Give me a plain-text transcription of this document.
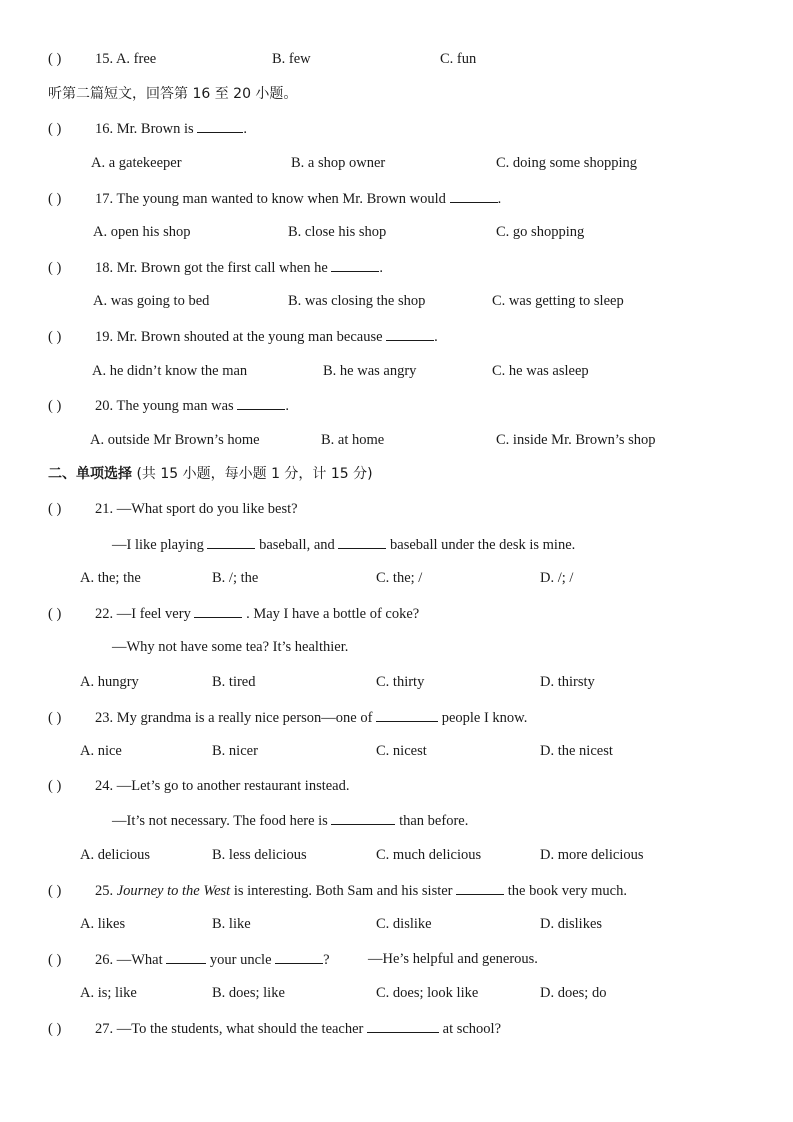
( ) 15. A. free	B. few	C. fun
听第二篇短文，回答第 16 至 20 小题。
( ) 16. Mr. Brown is	.
A. a gatekeeper	B. a shop owner	C. doing some shopping
( ) 17. The young man wanted to know when Mr. Brown would	.
A. open his shop	B. close his shop	C. go shopping
( ) 18. Mr. Brown got the first call when he	.
A. was going to bed	B. was closing the shop	C. was getting to sleep
( ) 19. Mr. Brown shouted at the young man because	.
A. he didn’t know the man	B. he was angry	C. he was asleep
( ) 20. The young man was	.
A. outside Mr Brown’s home	B. at home	C. inside Mr. Brown’s shop
二、单项选择 (共 15 小题，每小题 1 分，计 15 分)
( ) 21. —What sport do you like best?
—I like playing	baseball, and	baseball under the desk is mine.
A. the; the	B. /; the	C. the; /	D. /; /
( ) 22. —I feel very	. May I have a bottle of coke?
—Why not have some tea? It’s healthier.
A. hungry	B. tired	C. thirty	D. thirsty
( ) 23. My grandma is a really nice person—one of	people I know.
A. nice	B. nicer	C. nicest	D. the nicest
( ) 24. —Let’s go to another restaurant instead.
—It’s not necessary. The food here is	than before.
A. delicious	B. less delicious	C. much delicious	D. more delicious
( ) 25. Journey to the West is interesting. Both Sam and his sister	the book very much.
A. likes	B. like	C. dislike	D. dislikes
( ) 26. —What	your uncle	?	—He’s helpful and generous.
A. is; like	B. does; like	C. does; look like	D. does; do
( ) 27. —To the students, what should the teacher	at school?
